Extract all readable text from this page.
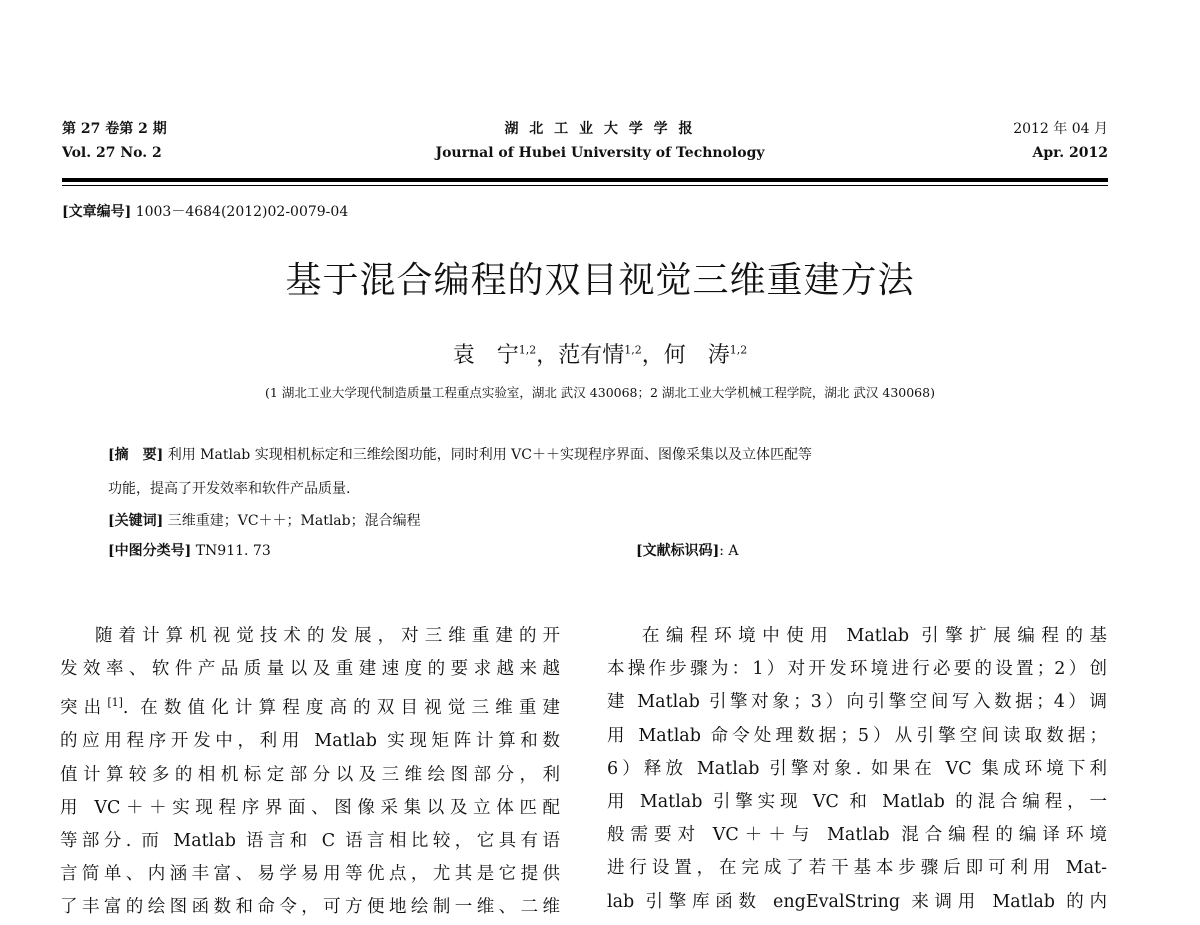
第 27 卷第 2 期
Vol. 27 No. 2
湖 北 工 业 大 学 学 报
Journal of Hubei University of Technology
2012 年 04 月
Apr. 2012
[文章编号] 1003－4684(2012)02-0079-04
基于混合编程的双目视觉三维重建方法
袁　宁$^{1,2}$，范有情$^{1,2}$，何　涛$^{1,2}$
(1 湖北工业大学现代制造质量工程重点实验室，湖北 武汉 430068；2 湖北工业大学机械工程学院，湖北 武汉 430068)
[摘　要] 利用 Matlab 实现相机标定和三维绘图功能，同时利用 VC＋＋实现程序界面、图像采集以及立体匹配等
功能，提高了开发效率和软件产品质量.
[关键词] 三维重建；VC＋＋；Matlab；混合编程
[中图分类号] TN911. 73	[文献标识码]: A
随着计算机视觉技术的发展，对三维重建的开
发效率、软件产品质量以及重建速度的要求越来越
突出[1]. 在数值化计算程度高的双目视觉三维重建
的应用程序开发中，利用 Matlab 实现矩阵计算和数
值计算较多的相机标定部分以及三维绘图部分，利
用 VC＋＋实现程序界面、图像采集以及立体匹配
等部分. 而 Matlab 语言和 C 语言相比较，它具有语
言简单、内涵丰富、易学易用等优点，尤其是它提供
了丰富的绘图函数和命令，可方便地绘制一维、二维
在编程环境中使用 Matlab 引擎扩展编程的基
本操作步骤为：1）对开发环境进行必要的设置；2）创
建 Matlab 引擎对象；3）向引擎空间写入数据；4）调
用 Matlab 命令处理数据；5）从引擎空间读取数据；
6）释放 Matlab 引擎对象. 如果在 VC 集成环境下利
用 Matlab 引擎实现 VC 和 Matlab 的混合编程，一
般需要对 VC＋＋与 Matlab 混合编程的编译环境
进行设置，在完成了若干基本步骤后即可利用 Mat-
lab 引擎库函数 engEvalString 来调用 Matlab 的内
